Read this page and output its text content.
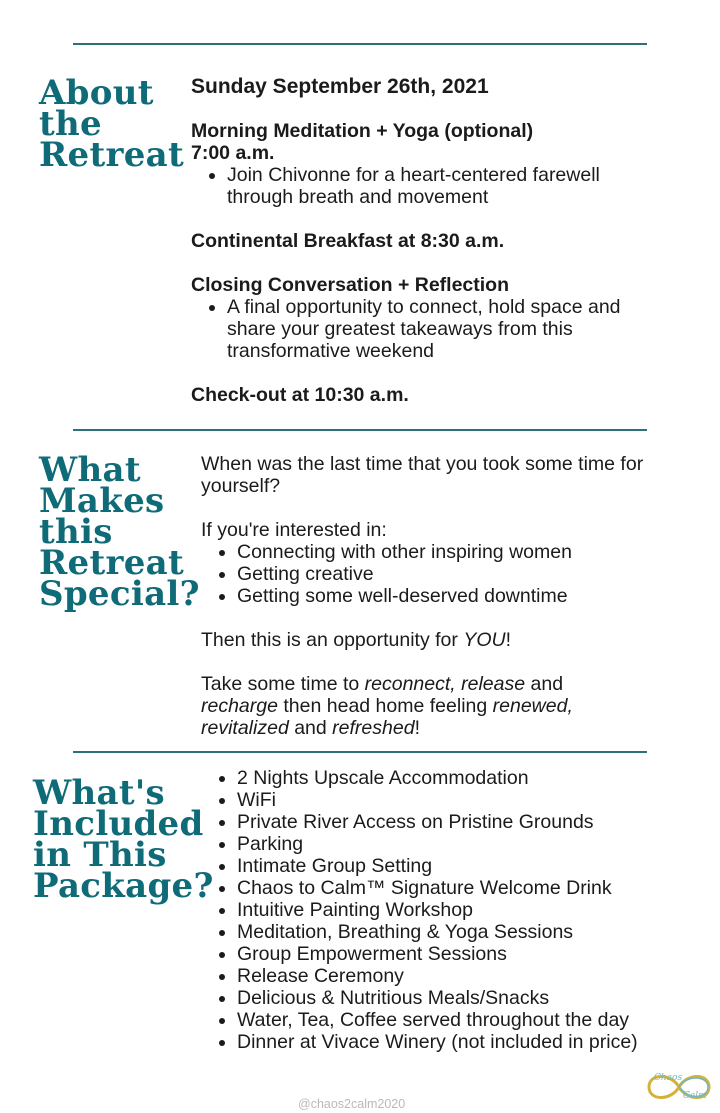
About
the
Retreat
Sunday September 26th, 2021
Morning Meditation + Yoga (optional)
7:00 a.m.
• Join Chivonne for a heart-centered farewell through breath and movement
Continental Breakfast at 8:30 a.m.
Closing Conversation + Reflection
• A final opportunity to connect, hold space and share your greatest takeaways from this transformative weekend
Check-out at 10:30 a.m.
What
Makes
this
Retreat
Special?

When was the last time that you took some time for yourself?

If you're interested in:

• Connecting with other inspiring women
• Getting creative
• Getting some well-deserved downtime

Then this is an opportunity for YOU!

Take some time to reconnect, release and recharge then head home feeling renewed, revitalized and refreshed!

What's
Included
in This
Package?
• 2 Nights Upscale Accommodation
• WiFi
• Private River Access on Pristine Grounds
• Parking
• Intimate Group Setting
• Chaos to Calm™ Signature Welcome Drink
• Intuitive Painting Workshop
• Meditation, Breathing & Yoga Sessions
• Group Empowerment Sessions
• Release Ceremony
• Delicious & Nutritious Meals/Snacks
• Water, Tea, Coffee served throughout the day
• Dinner at Vivace Winery (not included in price)
@chaos2calm2020
Chaos
Calm
